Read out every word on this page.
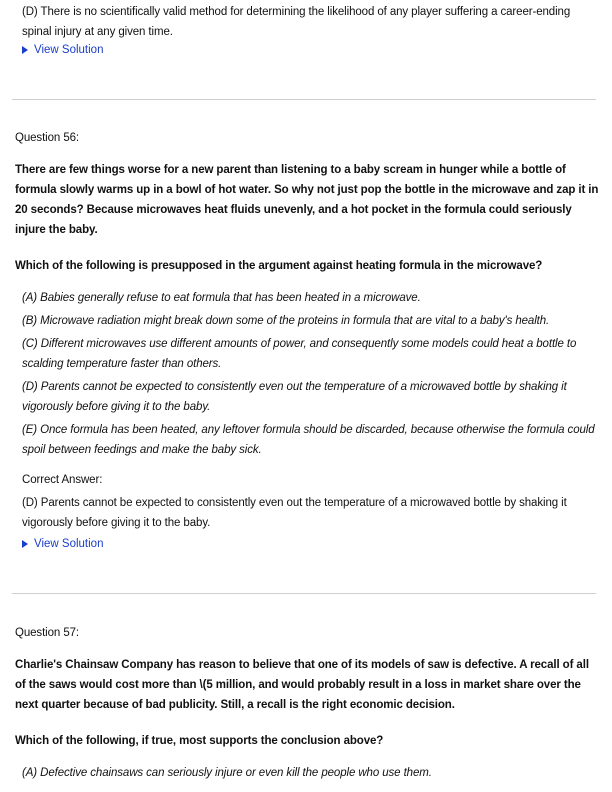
(D) There is no scientifically valid method for determining the likelihood of any player suffering a career-ending spinal injury at any given time.

View Solution

Question 56:

There are few things worse for a new parent than listening to a baby scream in hunger while a bottle of formula slowly warms up in a bowl of hot water. So why not just pop the bottle in the microwave and zap it in 20 seconds? Because microwaves heat fluids unevenly, and a hot pocket in the formula could seriously injure the baby.

Which of the following is presupposed in the argument against heating formula in the microwave?

(A) Babies generally refuse to eat formula that has been heated in a microwave.

(B) Microwave radiation might break down some of the proteins in formula that are vital to a baby's health.

(C) Different microwaves use different amounts of power, and consequently some models could heat a bottle to scalding temperature faster than others.

(D) Parents cannot be expected to consistently even out the temperature of a microwaved bottle by shaking it vigorously before giving it to the baby.

(E) Once formula has been heated, any leftover formula should be discarded, because otherwise the formula could spoil between feedings and make the baby sick.

Correct Answer:

(D) Parents cannot be expected to consistently even out the temperature of a microwaved bottle by shaking it vigorously before giving it to the baby.

View Solution

Question 57:

Charlie's Chainsaw Company has reason to believe that one of its models of saw is defective. A recall of all of the saws would cost more than \(5 million, and would probably result in a loss in market share over the next quarter because of bad publicity. Still, a recall is the right economic decision.

Which of the following, if true, most supports the conclusion above?

(A) Defective chainsaws can seriously injure or even kill the people who use them.
